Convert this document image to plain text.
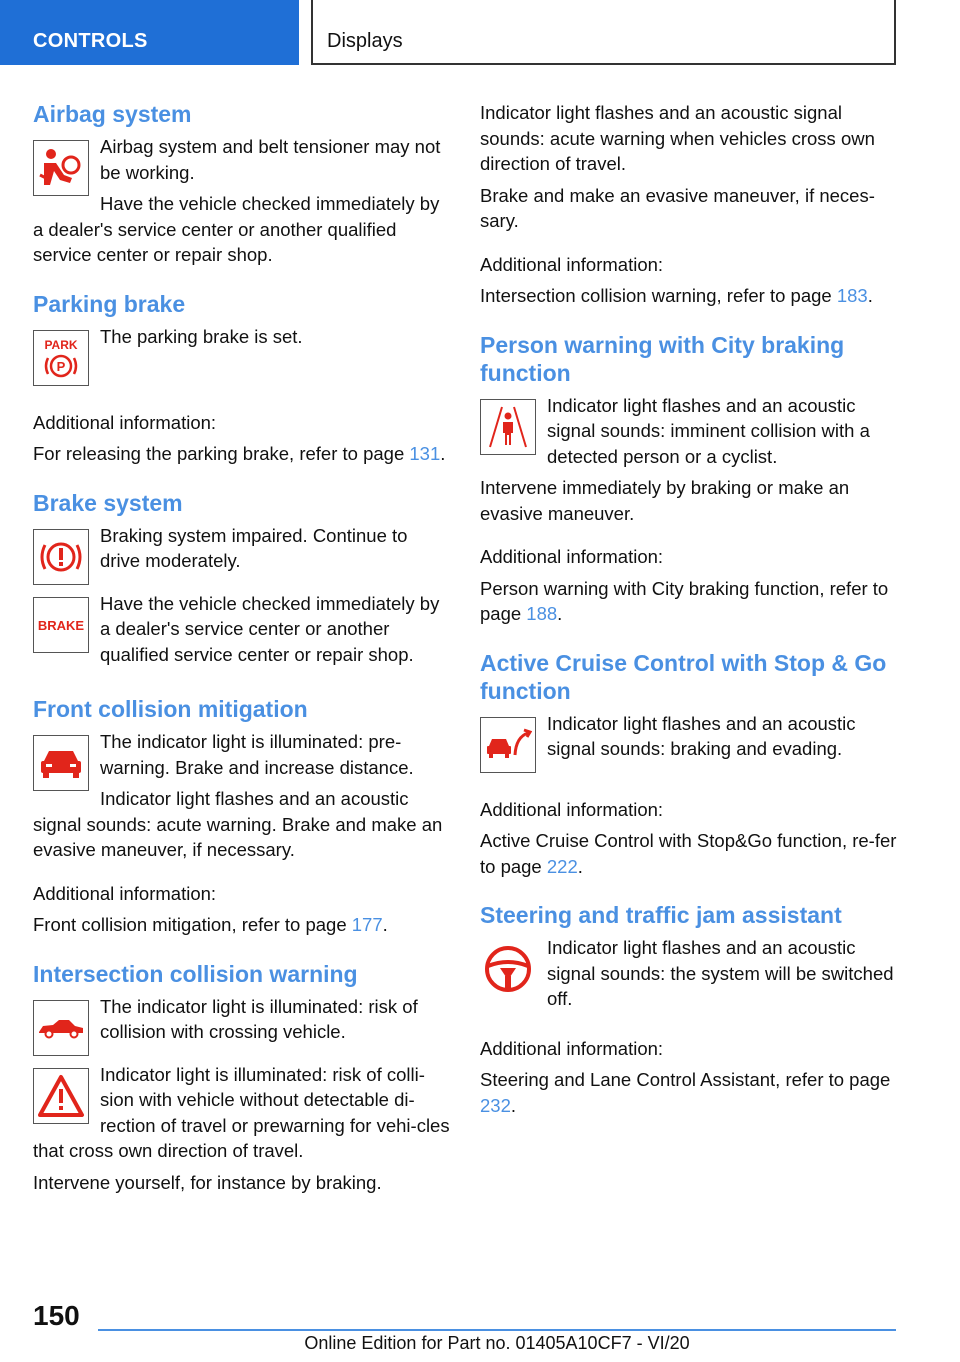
CONTROLS	Displays
Airbag system

Airbag system and belt tensioner may not be working.

Have the vehicle checked immediately by a dealer's service center or another qualified service center or repair shop.

Parking brake
PARK
P

The parking brake is set.

Additional information:

For releasing the parking brake, refer to page 131.

Brake system

Braking system impaired. Continue to drive moderately.

BRAKE

Have the vehicle checked immediately by a dealer's service center or another qualified service center or repair shop.

Front collision mitigation

The indicator light is illuminated: pre-warning. Brake and increase distance.

Indicator light flashes and an acoustic signal sounds: acute warning. Brake and make an evasive maneuver, if necessary.

Additional information:

Front collision mitigation, refer to page 177.

Intersection collision warning

The indicator light is illuminated: risk of collision with crossing vehicle.

Indicator light is illuminated: risk of colli-sion with vehicle without detectable di-rection of travel or prewarning for vehi-cles that cross own direction of travel.

Intervene yourself, for instance by braking.

Indicator light flashes and an acoustic signal sounds: acute warning when vehicles cross own direction of travel.

Brake and make an evasive maneuver, if neces-sary.

Additional information:

Intersection collision warning, refer to page 183.

Person warning with City braking function

Indicator light flashes and an acoustic signal sounds: imminent collision with a detected person or a cyclist.

Intervene immediately by braking or make an evasive maneuver.

Additional information:

Person warning with City braking function, refer to page 188.

Active Cruise Control with Stop & Go function

Indicator light flashes and an acoustic signal sounds: braking and evading.

Additional information:

Active Cruise Control with Stop&Go function, re-fer to page 222.

Steering and traffic jam assistant

Indicator light flashes and an acoustic signal sounds: the system will be switched off.

Additional information:

Steering and Lane Control Assistant, refer to page 232.

150
Online Edition for Part no. 01405A10CF7 - VI/20
